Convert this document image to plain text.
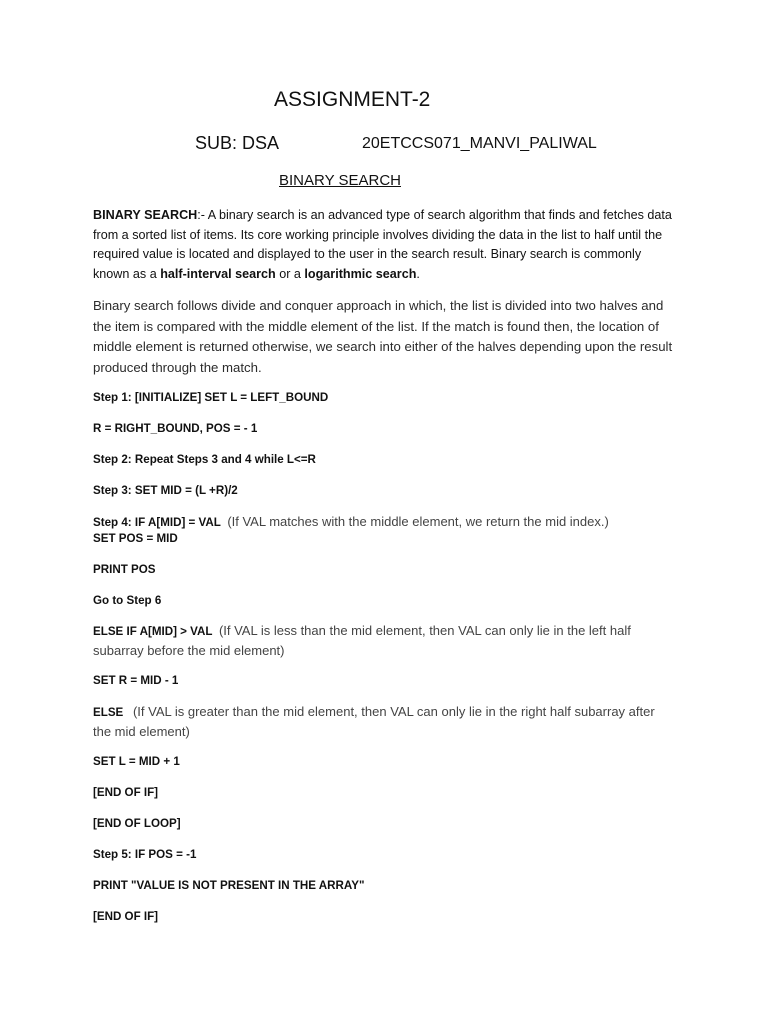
ASSIGNMENT-2
SUB: DSA	20ETCCS071_MANVI_PALIWAL
BINARY SEARCH

BINARY SEARCH:- A binary search is an advanced type of search algorithm that finds and fetches data from a sorted list of items. Its core working principle involves dividing the data in the list to half until the required value is located and displayed to the user in the search result. Binary search is commonly known as a half-interval search or a logarithmic search.

Binary search follows divide and conquer approach in which, the list is divided into two halves and the item is compared with the middle element of the list. If the match is found then, the location of middle element is returned otherwise, we search into either of the halves depending upon the result produced through the match.

Step 1: [INITIALIZE] SET L = LEFT_BOUND
R = RIGHT_BOUND, POS = - 1
Step 2: Repeat Steps 3 and 4 while L<=R
Step 3: SET MID = (L +R)/2
Step 4: IF A[MID] = VAL (If VAL matches with the middle element, we return the mid index.)
SET POS = MID
PRINT POS
Go to Step 6
ELSE IF A[MID] > VAL (If VAL is less than the mid element, then VAL can only lie in the left half subarray before the mid element)
SET R = MID - 1
ELSE (If VAL is greater than the mid element, then VAL can only lie in the right half subarray after the mid element)
SET L = MID + 1
[END OF IF]
[END OF LOOP]
Step 5: IF POS = -1
PRINT "VALUE IS NOT PRESENT IN THE ARRAY"
[END OF IF]
